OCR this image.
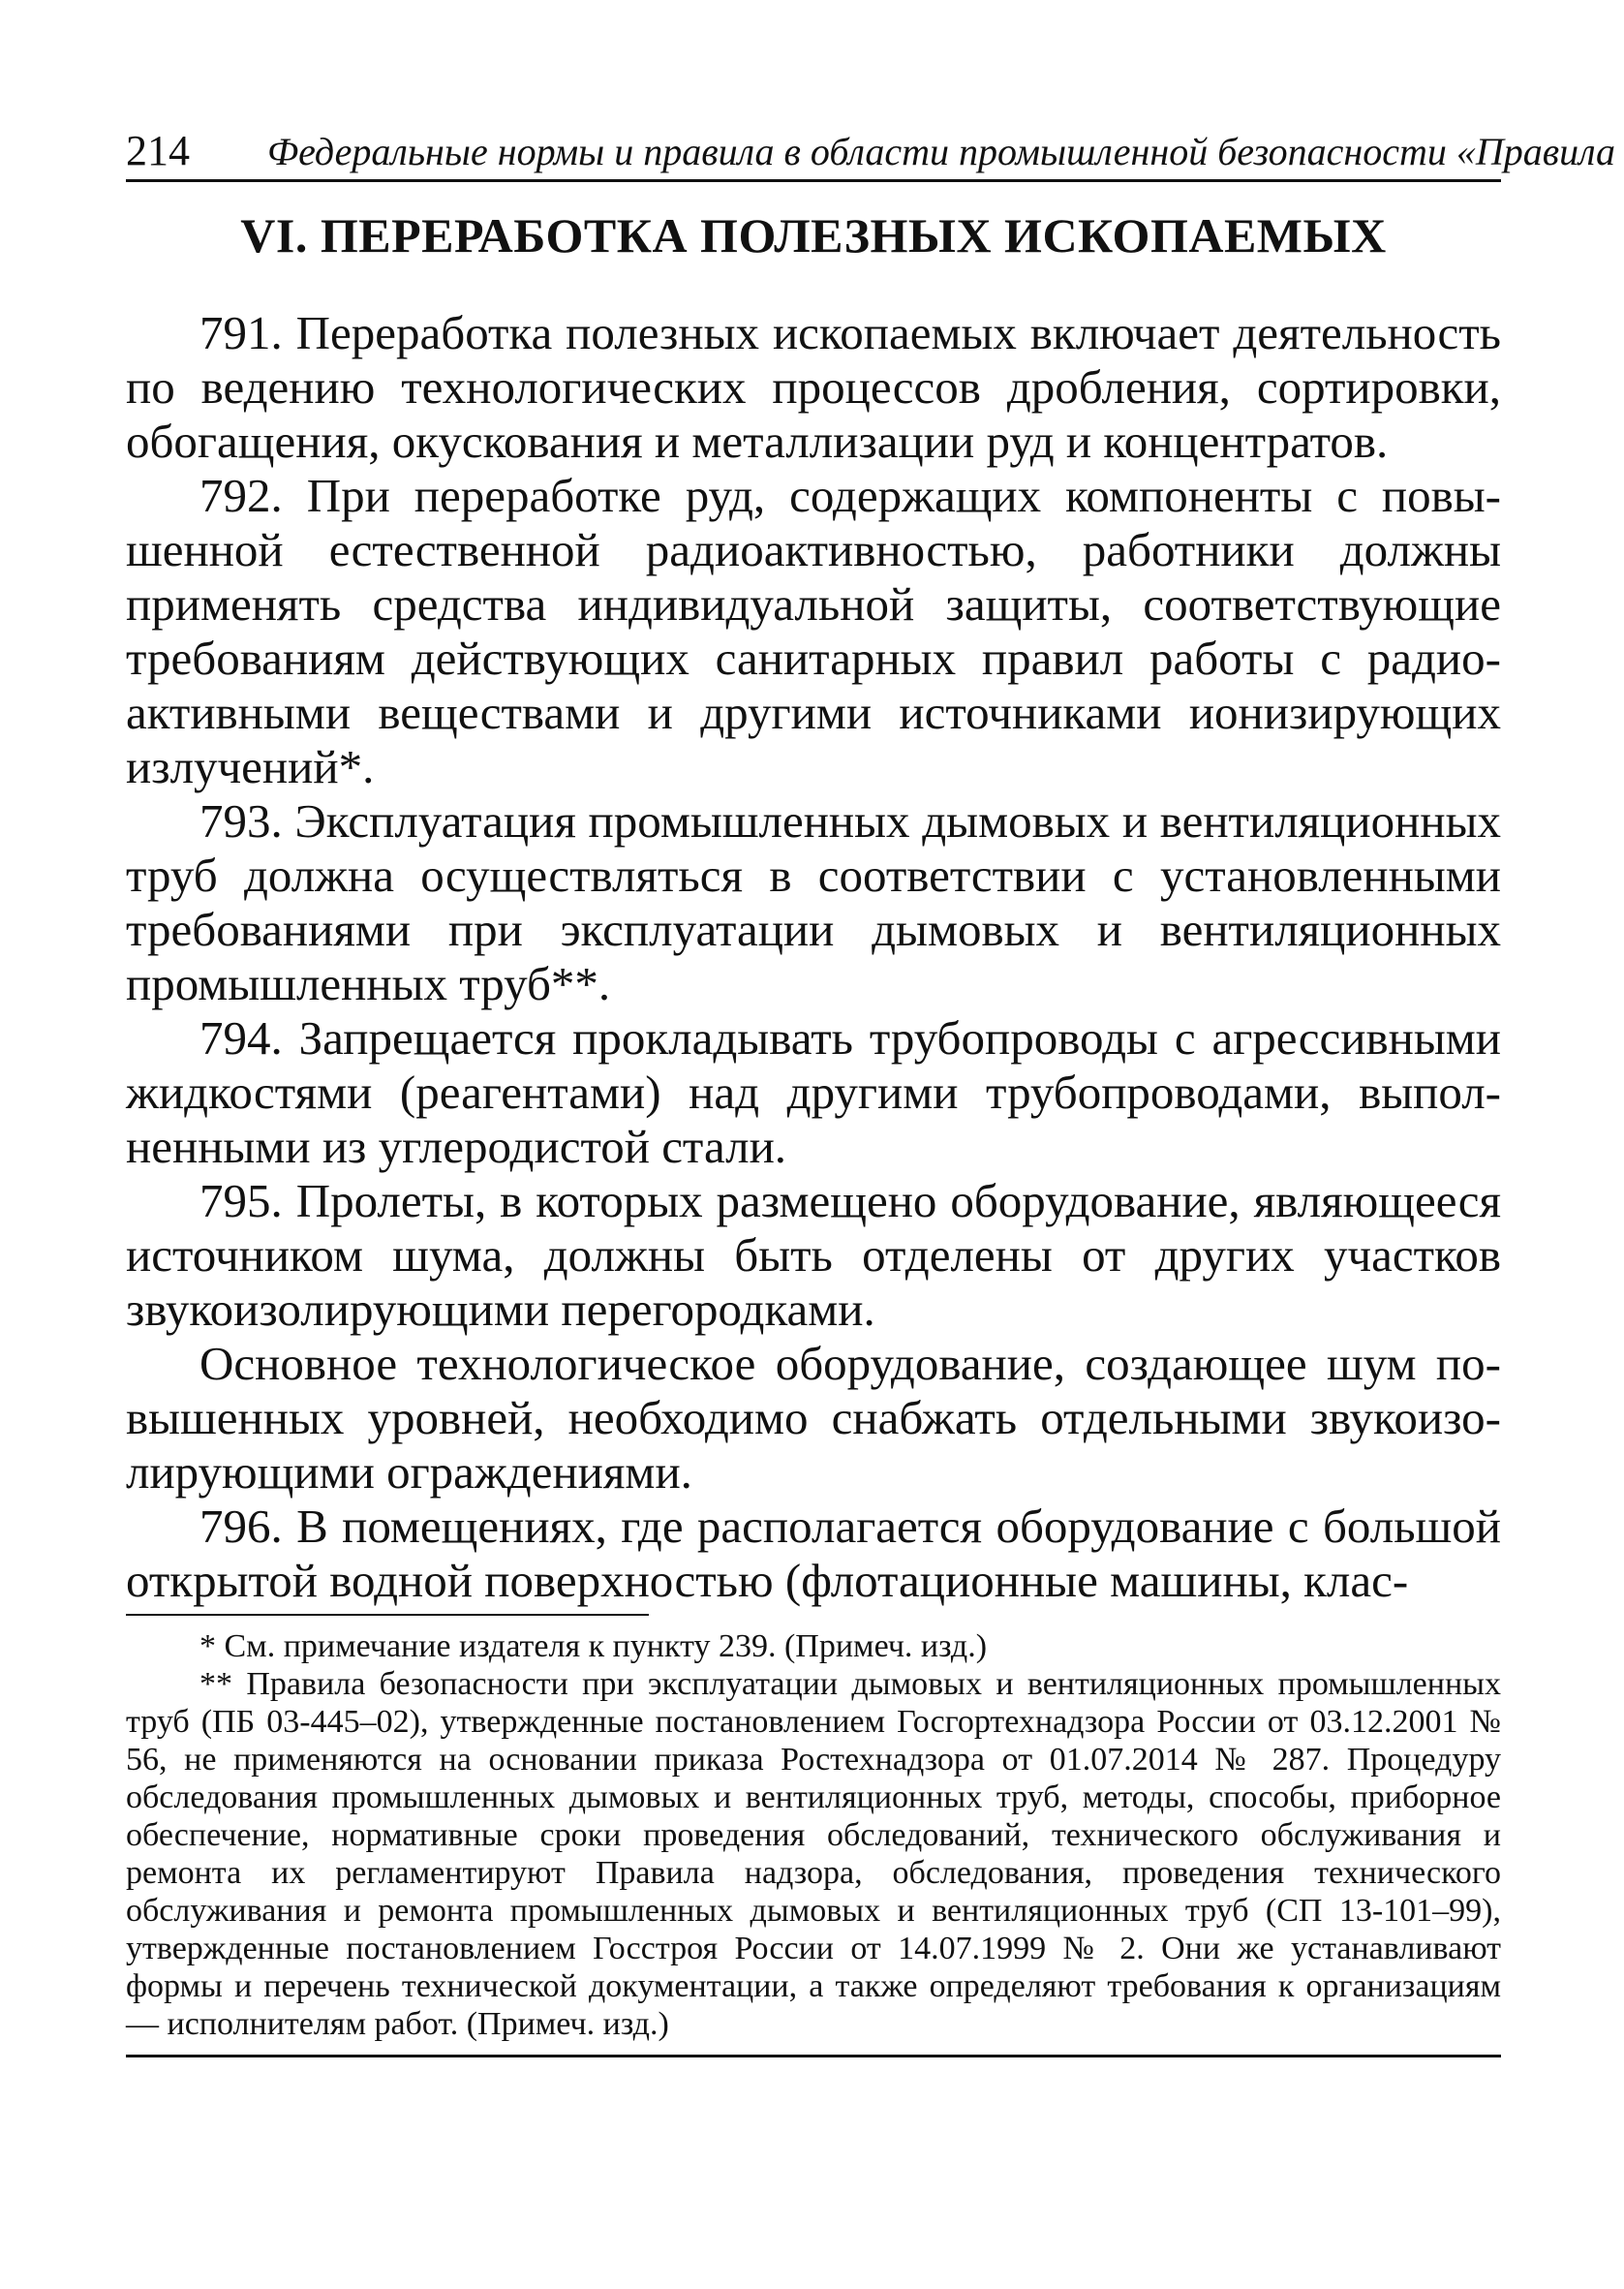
214 Федеральные нормы и правила в области промышленной безопасности «Правила
VI. ПЕРЕРАБОТКА ПОЛЕЗНЫХ ИСКОПАЕМЫХ

791. Переработка полезных ископаемых включает деятельность по ведению технологических процессов дробления, сортировки, обогащения, окускования и металлизации руд и концентратов.

792. При переработке руд, содержащих компоненты с повышенной естественной радиоактивностью, работники должны применять средства индивидуальной защиты, соответствующие требованиям действующих санитарных правил работы с радиоактивными веществами и другими источниками ионизирующих излучений*.

793. Эксплуатация промышленных дымовых и вентиляционных труб должна осуществляться в соответствии с установленными требованиями при эксплуатации дымовых и вентиляционных промышленных труб**.

794. Запрещается прокладывать трубопроводы с агрессивными жидкостями (реагентами) над другими трубопроводами, выполненными из углеродистой стали.

795. Пролеты, в которых размещено оборудование, являющееся источником шума, должны быть отделены от других участков звукоизолирующими перегородками.

Основное технологическое оборудование, создающее шум повышенных уровней, необходимо снабжать отдельными звукоизолирующими ограждениями.

796. В помещениях, где располагается оборудование с большой открытой водной поверхностью (флотационные машины, клас-

* См. примечание издателя к пункту 239. (Примеч. изд.)

** Правила безопасности при эксплуатации дымовых и вентиляционных промышленных труб (ПБ 03-445–02), утвержденные постановлением Госгортехнадзора России от 03.12.2001 № 56, не применяются на основании приказа Ростехнадзора от 01.07.2014 № 287. Процедуру обследования промышленных дымовых и вентиляционных труб, методы, способы, приборное обеспечение, нормативные сроки проведения обследований, технического обслуживания и ремонта их регламентируют Правила надзора, обследования, проведения технического обслуживания и ремонта промышленных дымовых и вентиляционных труб (СП 13-101–99), утвержденные постановлением Госстроя России от 14.07.1999 № 2. Они же устанавливают формы и перечень технической документации, а также определяют требования к организациям — исполнителям работ. (Примеч. изд.)
